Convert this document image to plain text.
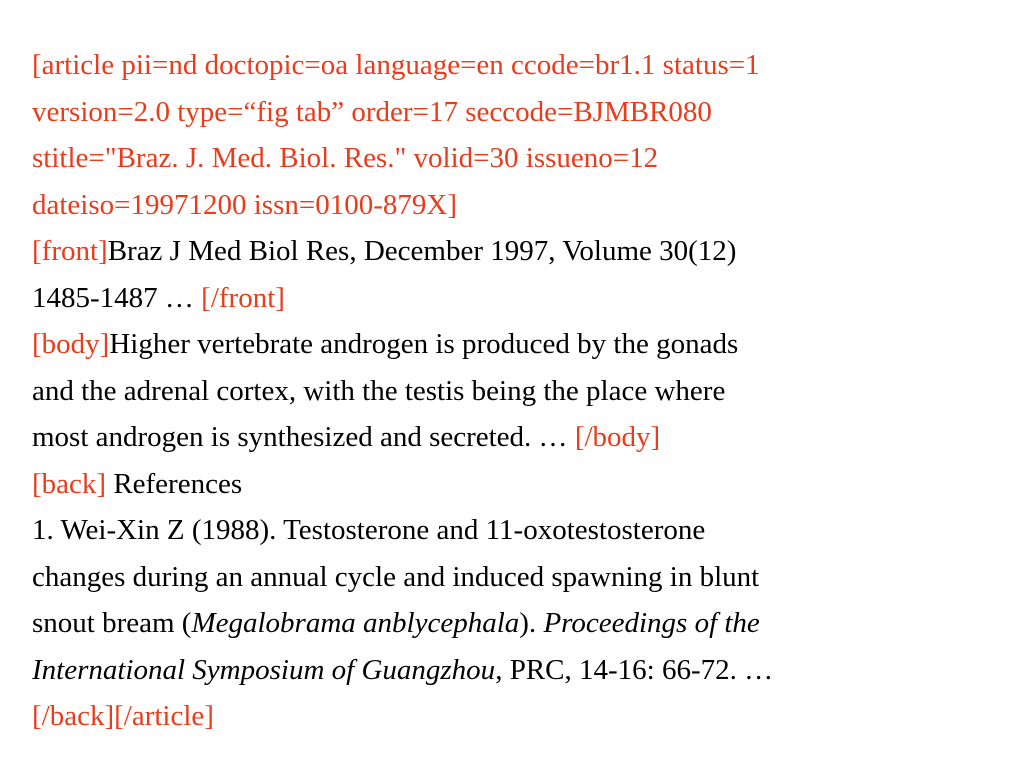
[article pii=nd doctopic=oa language=en ccode=br1.1 status=1
version=2.0 type=“fig tab” order=17 seccode=BJMBR080
stitle="Braz. J. Med. Biol. Res." volid=30 issueno=12
dateiso=19971200 issn=0100-879X]
[front]Braz J Med Biol Res, December 1997, Volume 30(12)
1485-1487 … [/front]
[body]Higher vertebrate androgen is produced by the gonads
and the adrenal cortex, with the testis being the place where
most androgen is synthesized and secreted. … [/body]
[back] References
1. Wei-Xin Z (1988). Testosterone and 11-oxotestosterone
changes during an annual cycle and induced spawning in blunt
snout bream (Megalobrama anblycephala). Proceedings of the
International Symposium of Guangzhou, PRC, 14-16: 66-72. …
[/back][/article]
